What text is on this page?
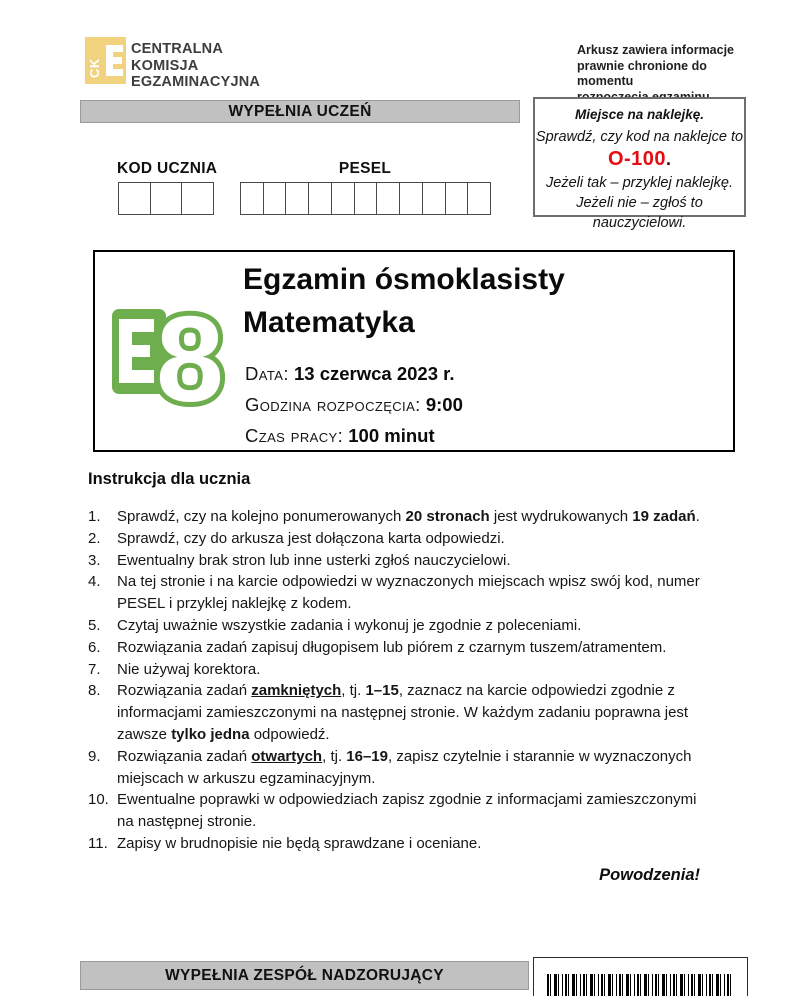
CK
CENTRALNA
KOMISJA
EGZAMINACYJNA
Arkusz zawiera informacje
prawnie chronione do momentu
WYPEŁNIA UCZEŃ	Miejsce na naklejkę.
Sprawdź, czy kod na naklejce to
O-100.
Jeżeli tak – przyklej naklejkę.
Jeżeli nie – zgłoś to nauczycielowi.
KOD UCZNIA	PESEL
8
Egzamin ósmoklasisty
Matematyka
Data: 13 czerwca 2023 r.
Godzina rozpoczęcia: 9:00
Czas pracy: 100 minut
Instrukcja dla ucznia
1.	Sprawdź, czy na kolejno ponumerowanych 20 stronach jest wydrukowanych 19 zadań.
2.	Sprawdź, czy do arkusza jest dołączona karta odpowiedzi.
3.	Ewentualny brak stron lub inne usterki zgłoś nauczycielowi.
4.	Na tej stronie i na karcie odpowiedzi w wyznaczonych miejscach wpisz swój kod, numer PESEL i przyklej naklejkę z kodem.
5.	Czytaj uważnie wszystkie zadania i wykonuj je zgodnie z poleceniami.
6.	Rozwiązania zadań zapisuj długopisem lub piórem z czarnym tuszem/atramentem.
7.	Nie używaj korektora.
8.	Rozwiązania zadań zamkniętych, tj. 1–15, zaznacz na karcie odpowiedzi zgodnie z informacjami zamieszczonymi na następnej stronie. W każdym zadaniu poprawna jest zawsze tylko jedna odpowiedź.
9.	Rozwiązania zadań otwartych, tj. 16–19, zapisz czytelnie i starannie w wyznaczonych miejscach w arkuszu egzaminacyjnym.
10. Ewentualne poprawki w odpowiedziach zapisz zgodnie z informacjami zamieszczonymi na następnej stronie.
11. Zapisy w brudnopisie nie będą sprawdzane i oceniane.
Powodzenia!
WYPEŁNIA ZESPÓŁ NADZORUJĄCY
